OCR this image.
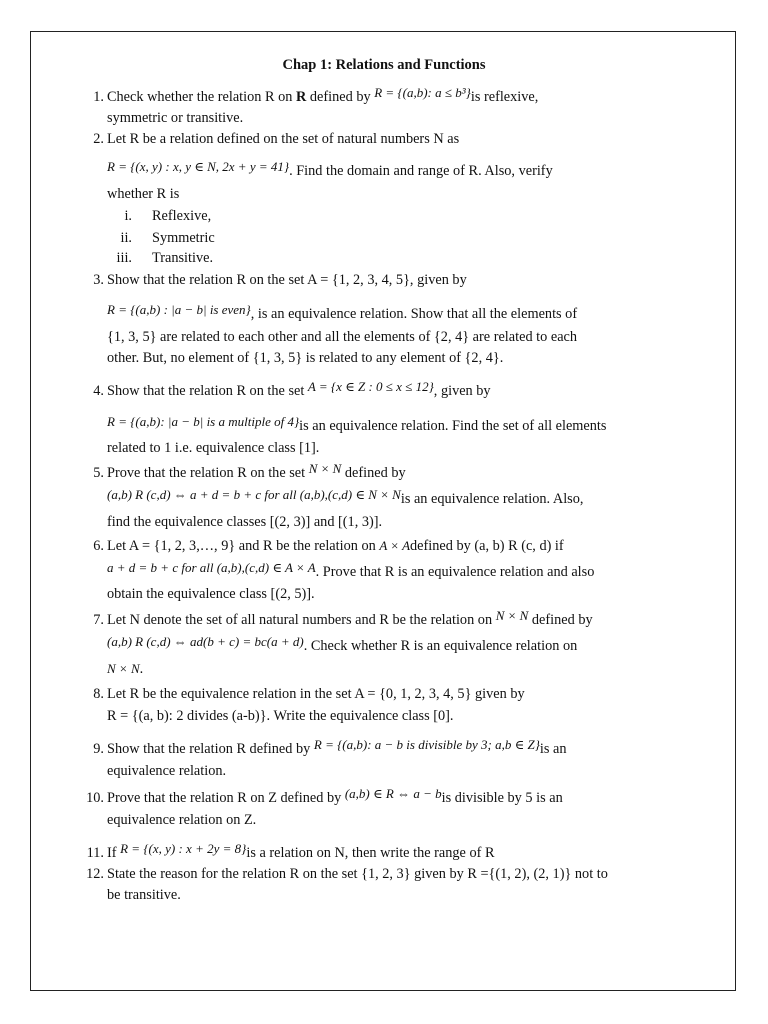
Chap 1: Relations and Functions
1. Check whether the relation R on R defined by R = {(a,b): a ≤ b³}is reflexive,
symmetric or transitive.
2. Let R be a relation defined on the set of natural numbers N as
R = {(x, y) : x, y ∈ N, 2x + y = 41}. Find the domain and range of R. Also, verify
whether R is
i. Reflexive,
ii. Symmetric
iii. Transitive.
3. Show that the relation R on the set A = {1, 2, 3, 4, 5}, given by
R = {(a,b) : |a − b| is even}, is an equivalence relation. Show that all the elements of
{1, 3, 5} are related to each other and all the elements of {2, 4} are related to each
other. But, no element of {1, 3, 5} is related to any element of {2, 4}.
4. Show that the relation R on the set A = {x ∈ Z : 0 ≤ x ≤ 12}, given by
R = {(a,b): |a − b| is a multiple of 4}is an equivalence relation. Find the set of all elements
related to 1 i.e. equivalence class [1].
5. Prove that the relation R on the set N × N defined by
(a,b) R (c,d) ⇔ a + d = b + c for all (a,b),(c,d) ∈ N × Nis an equivalence relation. Also,
find the equivalence classes [(2, 3)] and [(1, 3)].
6. Let A = {1, 2, 3,…, 9} and R be the relation on A × Adefined by (a, b) R (c, d) if
a + d = b + c for all (a,b),(c,d) ∈ A × A. Prove that R is an equivalence relation and also
obtain the equivalence class [(2, 5)].
7. Let N denote the set of all natural numbers and R be the relation on N × N defined by
(a,b) R (c,d) ⇔ ad(b + c) = bc(a + d). Check whether R is an equivalence relation on
N × N.
8. Let R be the equivalence relation in the set A = {0, 1, 2, 3, 4, 5} given by
R = {(a, b): 2 divides (a-b)}. Write the equivalence class [0].
9. Show that the relation R defined by R = {(a,b): a − b is divisible by 3; a,b ∈ Z}is an
equivalence relation.
10. Prove that the relation R on Z defined by (a,b) ∈ R ⇔ a − bis divisible by 5 is an
equivalence relation on Z.
11. If R = {(x, y) : x + 2y = 8}is a relation on N, then write the range of R
12. State the reason for the relation R on the set {1, 2, 3} given by R ={(1, 2), (2, 1)} not to
be transitive.
